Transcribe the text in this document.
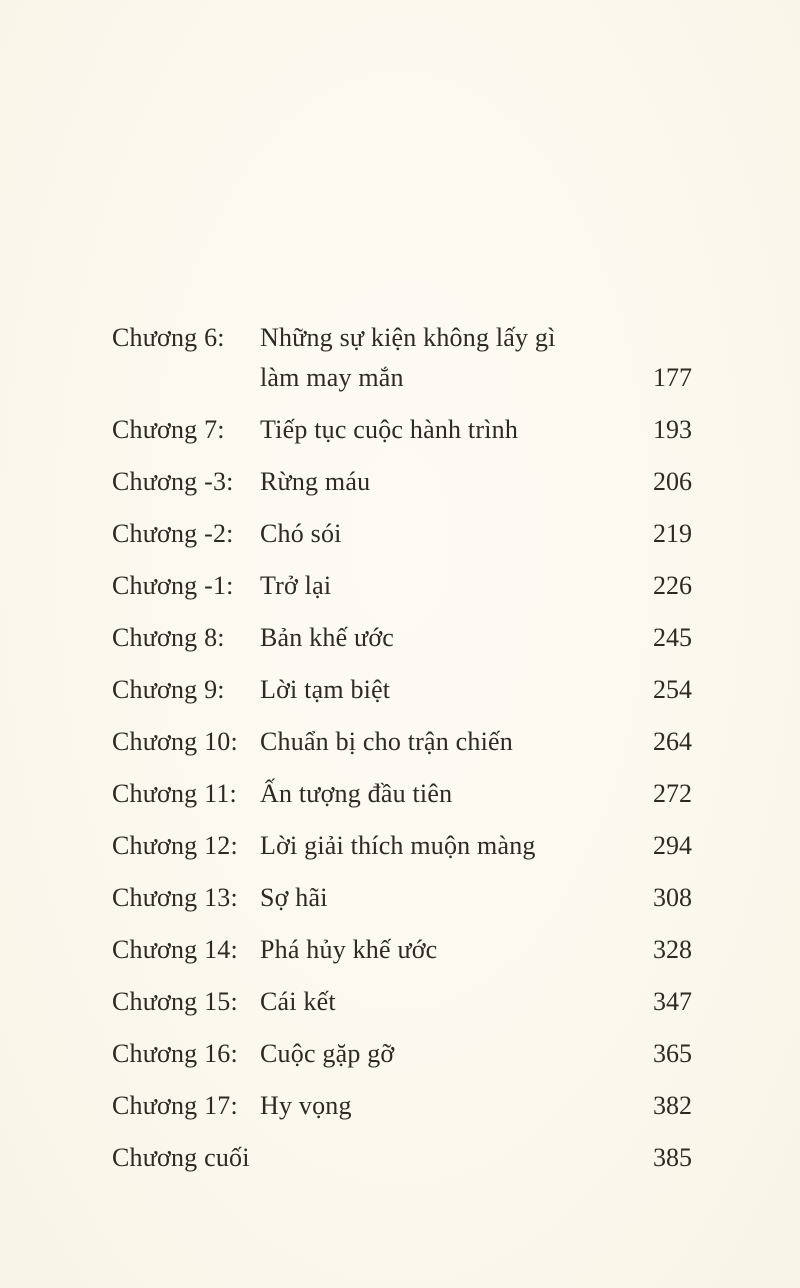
Chương 6:	Những sự kiện không lấy gì
làm may mắn	177
Chương 7:	Tiếp tục cuộc hành trình	193
Chương -3:	Rừng máu	206
Chương -2:	Chó sói	219
Chương -1:	Trở lại	226
Chương 8:	Bản khế ước	245
Chương 9:	Lời tạm biệt	254
Chương 10: Chuẩn bị cho trận chiến	264
Chương 11: Ấn tượng đầu tiên	272
Chương 12: Lời giải thích muộn màng	294
Chương 13: Sợ hãi	308
Chương 14: Phá hủy khế ước	328
Chương 15: Cái kết	347
Chương 16: Cuộc gặp gỡ	365
Chương 17: Hy vọng	382
Chương cuối	385
